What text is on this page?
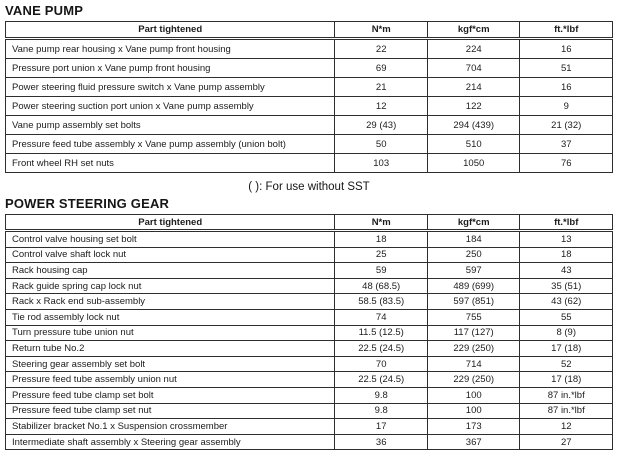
VANE PUMP
Part tightened	N*m	kgf*cm	ft.*lbf
Vane pump rear housing x Vane pump front housing	22	224	16
Pressure port union x Vane pump front housing	69	704	51
Power steering fluid pressure switch x Vane pump assembly	21	214	16
Power steering suction port union x Vane pump assembly	12	122	9
Vane pump assembly set bolts	29 (43)	294 (439)	21 (32)
Pressure feed tube assembly x Vane pump assembly (union bolt)	50	510	37
Front wheel RH set nuts	103	1050	76
( ): For use without SST
POWER STEERING GEAR
Part tightened	N*m	kgf*cm	ft.*lbf
Control valve housing set bolt	18	184	13
Control valve shaft lock nut	25	250	18
Rack housing cap	59	597	43
Rack guide spring cap lock nut	48 (68.5)	489 (699)	35 (51)
Rack x Rack end sub-assembly	58.5 (83.5)	597 (851)	43 (62)
Tie rod assembly lock nut	74	755	55
Turn pressure tube union nut	11.5 (12.5)	117 (127)	8 (9)
Return tube No.2	22.5 (24.5)	229 (250)	17 (18)
Steering gear assembly set bolt	70	714	52
Pressure feed tube assembly union nut	22.5 (24.5)	229 (250)	17 (18)
Pressure feed tube clamp set bolt	9.8	100	87 in.*lbf
Pressure feed tube clamp set nut	9.8	100	87 in.*lbf
Stabilizer bracket No.1 x Suspension crossmember	17	173	12
Intermediate shaft assembly x Steering gear assembly	36	367	27
